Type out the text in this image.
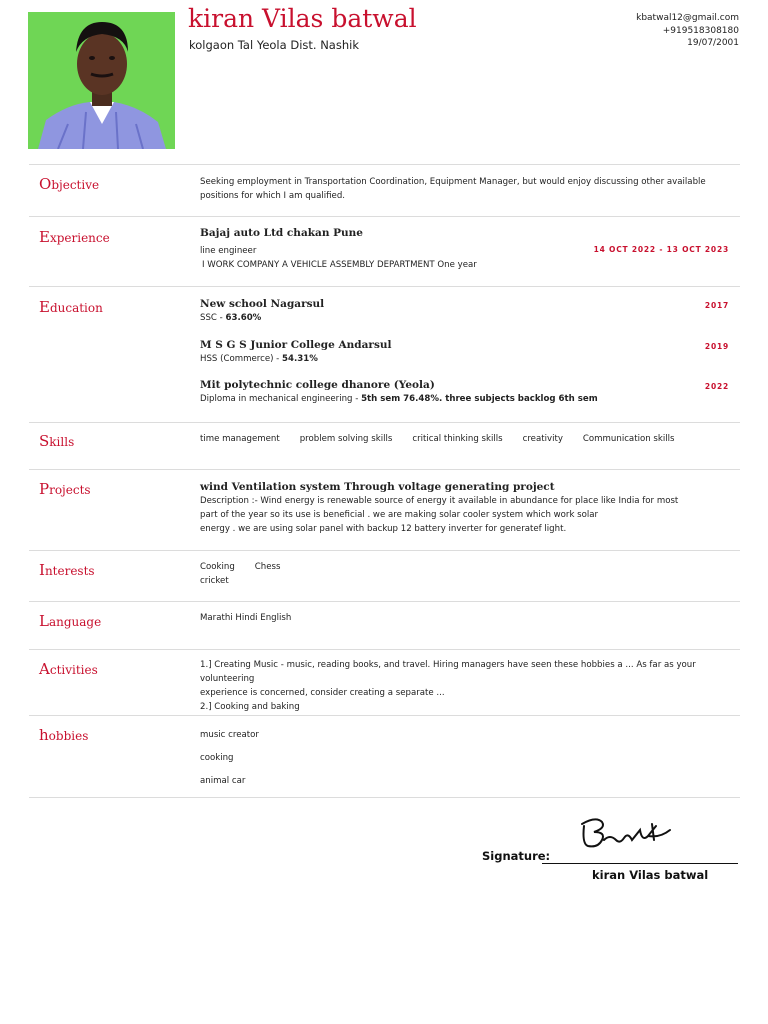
kiran Vilas batwal
kolgaon Tal Yeola Dist. Nashik
kbatwal12@gmail.com
+919518308180
19/07/2001
Objective	Seeking employment in Transportation Coordination, Equipment Manager, but would enjoy discussing other available positions for which I am qualified.
Experience	Bajaj auto Ltd chakan Pune
line engineer
I WORK COMPANY A VEHICLE ASSEMBLY DEPARTMENT One year
14 OCT 2022 - 13 OCT 2023
Education	New school Nagarsul
SSC - 63.60%
2017
M S G S Junior College Andarsul
HSS (Commerce) - 54.31%
2019
Mit polytechnic college dhanore (Yeola)
Diploma in mechanical engineering - 5th sem 76.48%. three subjects backlog 6th sem
2022
Skills	time management problem solving skills critical thinking skills creativity Communication skills
Projects	wind Ventilation system Through voltage generating project
Description :- Wind energy is renewable source of energy it available in abundance for place like India for most
part of the year so its use is beneficial . we are making solar cooler system which work solar
energy . we are using solar panel with backup 12 battery inverter for generatef light.
Interests	Cooking Chess
cricket
Language	Marathi Hindi English
Activities	1.] Creating Music - music, reading books, and travel. Hiring managers have seen these hobbies a ... As far as your volunteering
experience is concerned, consider creating a separate ...
2.] Cooking and baking
hobbies	music creator
cooking
animal car
Signature:
kiran Vilas batwal
